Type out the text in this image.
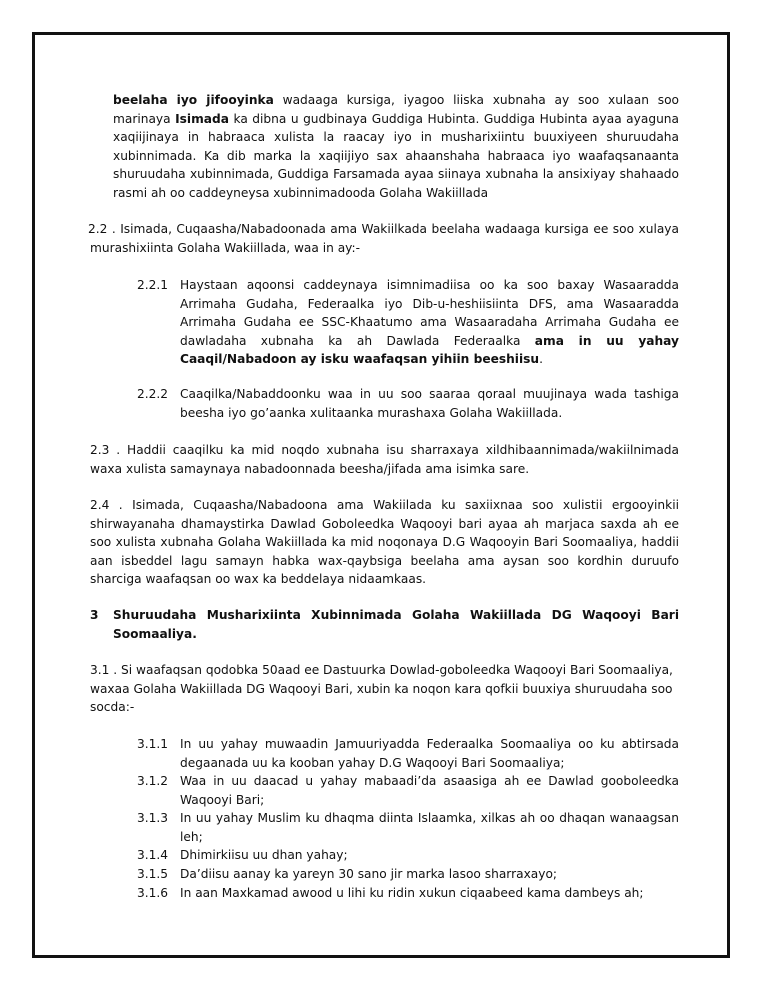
beelaha iyo jifooyinka wadaaga kursiga, iyagoo liiska xubnaha ay soo xulaan soo marinaya Isimada ka dibna u gudbinaya Guddiga Hubinta. Guddiga Hubinta ayaa ayaguna xaqiijinaya in habraaca xulista la raacay iyo in musharixiintu buuxiyeen shuruudaha xubinnimada. Ka dib marka la xaqiijiyo sax ahaanshaha habraaca iyo waafaqsanaanta shuruudaha xubinnimada, Guddiga Farsamada ayaa siinaya xubnaha la ansixiyay shahaado rasmi ah oo caddeyneysa xubinnimadooda Golaha Wakiillada
2.2 . Isimada, Cuqaasha/Nabadoonada ama Wakiilkada beelaha wadaaga kursiga ee soo xulaya murashixiinta Golaha Wakiillada, waa in ay:-
2.2.1 Haystaan aqoonsi caddeynaya isimnimadiisa oo ka soo baxay Wasaaradda Arrimaha Gudaha, Federaalka iyo Dib-u-heshiisiinta DFS, ama Wasaaradda Arrimaha Gudaha ee SSC-Khaatumo ama Wasaaradaha Arrimaha Gudaha ee dawladaha xubnaha ka ah Dawlada Federaalka ama in uu yahay Caaqil/Nabadoon ay isku waafaqsan yihiin beeshiisu.
2.2.2 Caaqilka/Nabaddoonku waa in uu soo saaraa qoraal muujinaya wada tashiga beesha iyo go’aanka xulitaanka murashaxa Golaha Wakiillada.
2.3 . Haddii caaqilku ka mid noqdo xubnaha isu sharraxaya xildhibaannimada/wakiilnimada waxa xulista samaynaya nabadoonnada beesha/jifada ama isimka sare.
2.4 . Isimada, Cuqaasha/Nabadoona ama Wakiilada ku saxiixnaa soo xulistii ergooyinkii shirwayanaha dhamaystirka Dawlad Goboleedka Waqooyi bari ayaa ah marjaca saxda ah ee soo xulista xubnaha Golaha Wakiillada ka mid noqonaya D.G Waqooyin Bari Soomaaliya, haddii aan isbeddel lagu samayn habka wax-qaybsiga beelaha ama aysan soo kordhin duruufo sharciga waafaqsan oo wax ka beddelaya nidaamkaas.
3 Shuruudaha Musharixiinta Xubinnimada Golaha Wakiillada DG Waqooyi Bari Soomaaliya.
3.1 . Si waafaqsan qodobka 50aad ee Dastuurka Dowlad-goboleedka Waqooyi Bari Soomaaliya, waxaa Golaha Wakiillada DG Waqooyi Bari, xubin ka noqon kara qofkii buuxiya shuruudaha soo socda:-
3.1.1 In uu yahay muwaadin Jamuuriyadda Federaalka Soomaaliya oo ku abtirsada degaanada uu ka kooban yahay D.G Waqooyi Bari Soomaaliya;
3.1.2 Waa in uu daacad u yahay mabaadi’da asaasiga ah ee Dawlad gooboleedka Waqooyi Bari;
3.1.3 In uu yahay Muslim ku dhaqma diinta Islaamka, xilkas ah oo dhaqan wanaagsan leh;
3.1.4 Dhimirkiisu uu dhan yahay;
3.1.5 Da’diisu aanay ka yareyn 30 sano jir marka lasoo sharraxayo;
3.1.6 In aan Maxkamad awood u lihi ku ridin xukun ciqaabeed kama dambeys ah;
